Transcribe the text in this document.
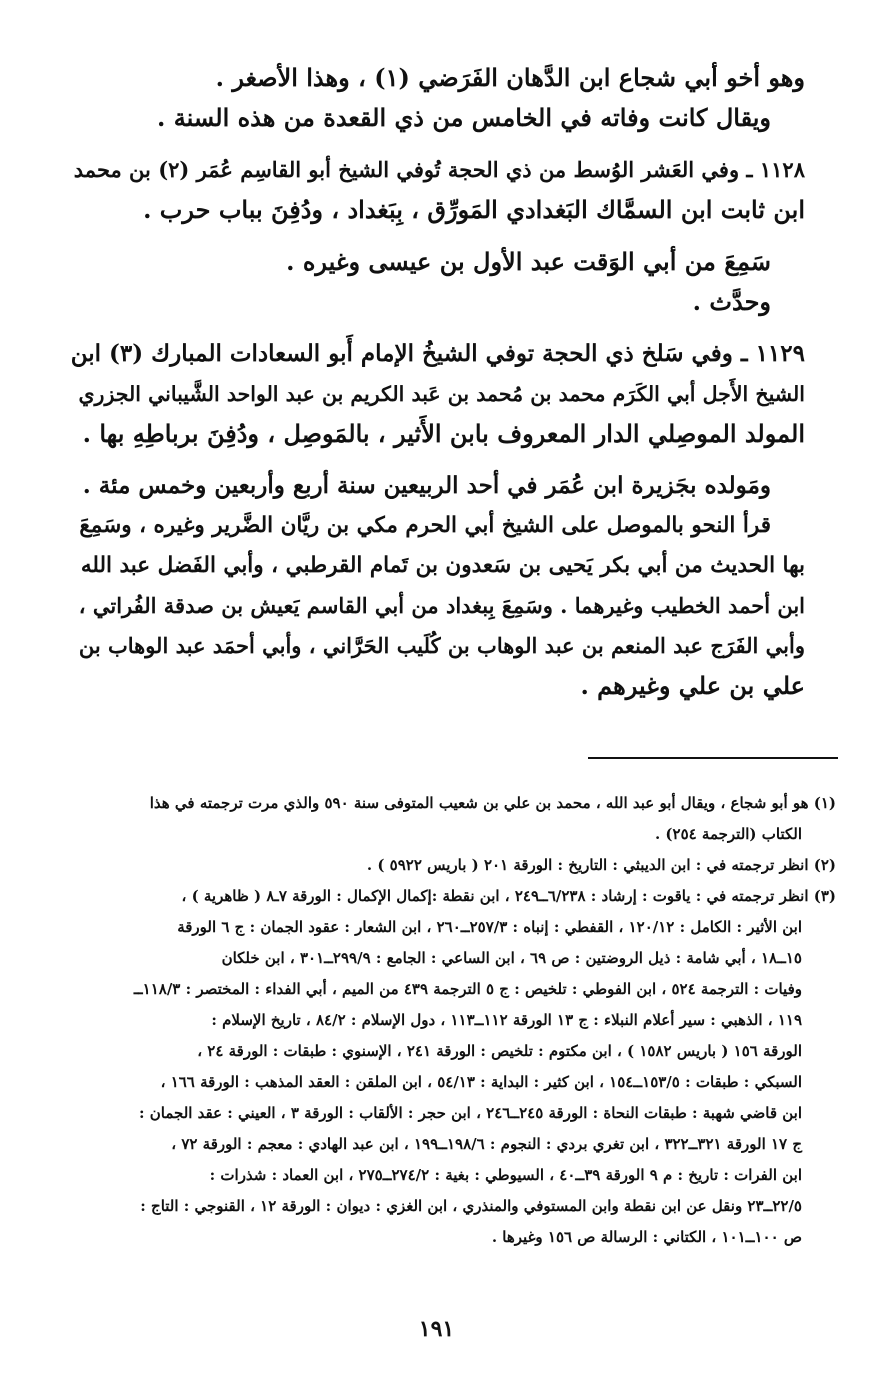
وهو أخو أبي شجاع ابن الدَّهان الفَرَضي (١) ، وهذا الأصغر .
ويقال كانت وفاته في الخامس من ذي القعدة من هذه السنة .
١١٢٨ ـ وفي العَشر الوُسط من ذي الحجة تُوفي الشيخ أبو القاسِم عُمَر (٢) بن محمد
ابن ثابت ابن السمَّاك البَغدادي المَورِّق ، بِبَغداد ، ودُفِنَ بباب حرب .
سَمِعَ من أبي الوَقت عبد الأول بن عيسى وغيره .
وحدَّث .
١١٢٩ ـ وفي سَلخ ذي الحجة توفي الشيخُ الإمام أَبو السعادات المبارك (٣) ابن
الشيخ الأَجل أبي الكَرَم محمد بن مُحمد بن عَبد الكريم بن عبد الواحد الشَّيباني الجزري
المولد الموصِلي الدار المعروف بابن الأَثير ، بالمَوصِل ، ودُفِنَ برباطِهِ بها .
ومَولده بجَزيرة ابن عُمَر في أحد الربيعين سنة أربع وأربعين وخمس مئة .
قرأ النحو بالموصل على الشيخ أبي الحرم مكي بن ريَّان الضَّرير وغيره ، وسَمِعَ
بها الحديث من أبي بكر يَحيى بن سَعدون بن تَمام القرطبي ، وأبي الفَضل عبد الله
ابن أحمد الخطيب وغيرهما . وسَمِعَ بِبغداد من أبي القاسم يَعيش بن صدقة الفُراتي ،
وأبي الفَرَج عبد المنعم بن عبد الوهاب بن كُلَيب الحَرَّاني ، وأبي أحمَد عبد الوهاب بن
علي بن علي وغيرهم .
(١) هو أبو شجاع ، ويقال أبو عبد الله ، محمد بن علي بن شعيب المتوفى سنة ٥٩٠ والذي مرت ترجمته في هذا
الكتاب (الترجمة ٢٥٤) .
(٢) انظر ترجمته في : ابن الديبثي : التاريخ : الورقة ٢٠١ ( باريس ٥٩٢٢ ) .
(٣) انظر ترجمته في : ياقوت : إرشاد : ٦/٢٣٨ــ٢٤٩ ، ابن نقطة :إكمال الإكمال : الورقة ٧ـ٨ ( ظاهرية ) ،
ابن الأثير : الكامل : ١٢٠/١٢ ، القفطي : إنباه : ٢٥٧/٣ــ٢٦٠ ، ابن الشعار : عقود الجمان : ج ٦ الورقة
١٥ــ١٨ ، أبي شامة : ذيل الروضتين : ص ٦٩ ، ابن الساعي : الجامع : ٢٩٩/٩ــ٣٠١ ، ابن خلكان
وفيات : الترجمة ٥٢٤ ، ابن الفوطي : تلخيص : ج ٥ الترجمة ٤٣٩ من الميم ، أبي الفداء : المختصر : ١١٨/٣ــ
١١٩ ، الذهبي : سير أعلام النبلاء : ج ١٣ الورقة ١١٢ــ١١٣ ، دول الإسلام : ٨٤/٢ ، تاريخ الإسلام :
الورقة ١٥٦ ( باريس ١٥٨٢ ) ، ابن مكتوم : تلخيص : الورقة ٢٤١ ، الإسنوي : طبقات : الورقة ٢٤ ،
السبكي : طبقات : ١٥٣/٥ــ١٥٤ ، ابن كثير : البداية : ٥٤/١٣ ، ابن الملقن : العقد المذهب : الورقة ١٦٦ ،
ابن قاضي شهبة : طبقات النحاة : الورقة ٢٤٥ــ٢٤٦ ، ابن حجر : الألقاب : الورقة ٣ ، العيني : عقد الجمان :
ج ١٧ الورقة ٣٢١ــ٣٢٢ ، ابن تغري بردي : النجوم : ١٩٨/٦ــ١٩٩ ، ابن عبد الهادي : معجم : الورقة ٧٢ ،
ابن الفرات : تاريخ : م ٩ الورقة ٣٩ــ٤٠ ، السيوطي : بغية : ٢٧٤/٢ــ٢٧٥ ، ابن العماد : شذرات :
٢٢/٥ــ٢٣ ونقل عن ابن نقطة وابن المستوفي والمنذري ، ابن الغزي : ديوان : الورقة ١٢ ، القنوجي : التاج :
ص ١٠٠ــ١٠١ ، الكتاني : الرسالة ص ١٥٦ وغيرها .
١٩١
